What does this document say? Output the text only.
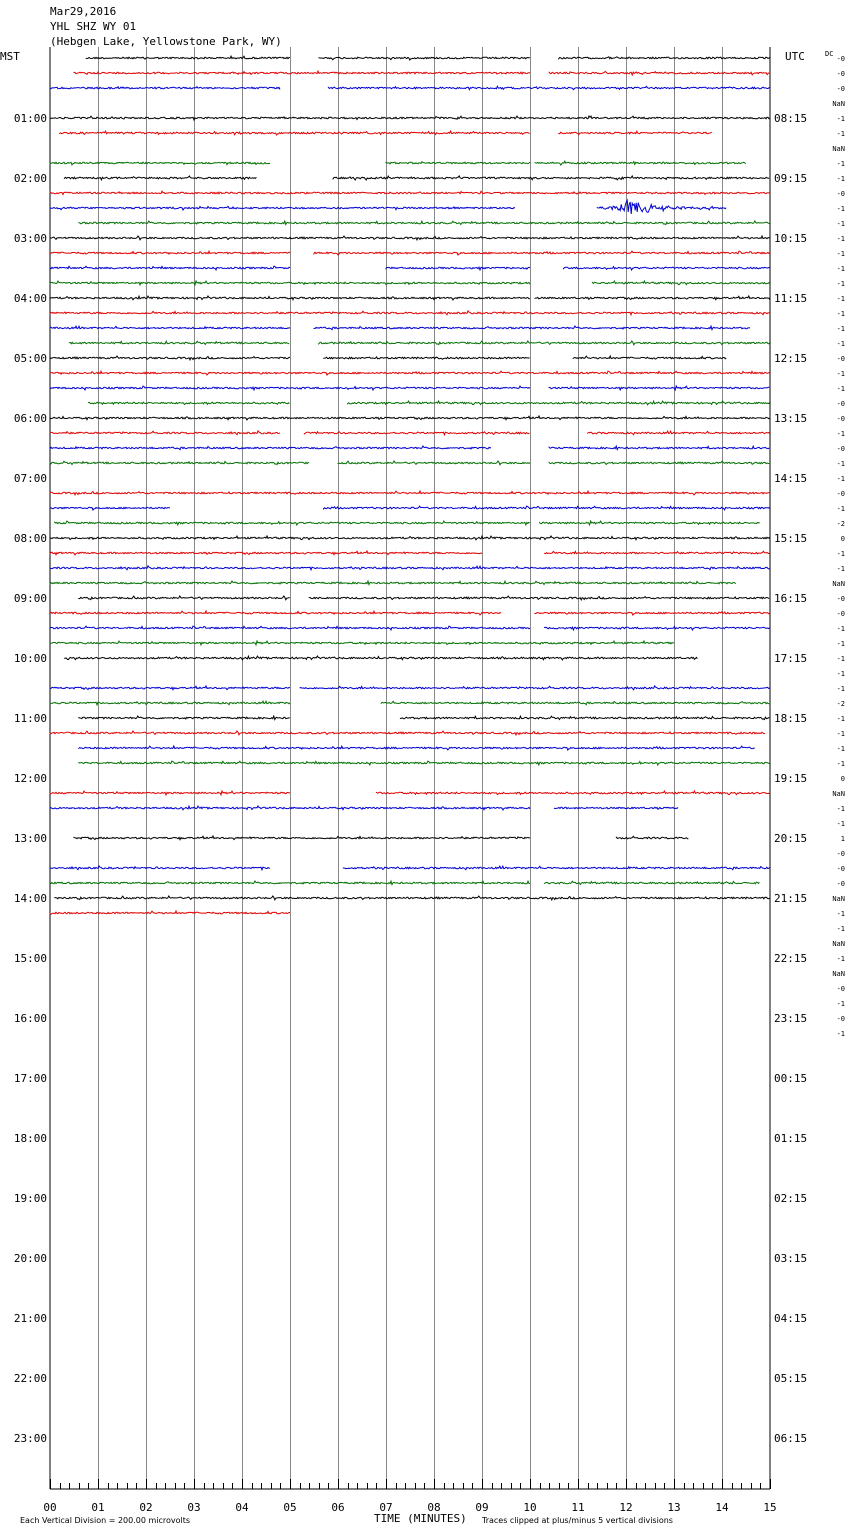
Mar29,2016
YHL SHZ WY 01
(Hebgen Lake, Yellowstone Park, WY)
MST	UTC	DC
Each Vertical Division = 200.00 microvolts	TIME (MINUTES) Traces clipped at plus/minus 5 vertical divisions
00	01	02	03	04	05	06	07	08	09	10	11	12	13	14	15
01:00
02:00
03:00
04:00
05:00
06:00
07:00
08:00
09:00
10:00
11:00
12:00
13:00
14:00
15:00
16:00
17:00
18:00
19:00
20:00
21:00
22:00
23:00
08:15
09:15
10:15
11:15
12:15
13:15
14:15
15:15
16:15
17:15
18:15
19:15
20:15
21:15
22:15
23:15
00:15
01:15
02:15
03:15
04:15
05:15
06:15
-0
-0
-0
NaN
-1
-1
NaN
-1
-1
-0
-1
-1
-1
-1
-1
-1
-1
-1
-1
-1
-0
-1
-1
-0
-0
-1
-0
-1
-1
-0
-1
-2
0
-1
-1
NaN
-0
-0
-1
-1
-1
-1
-1
-2
-1
-1
-1
-1
0
NaN
-1
-1
1
-0
-0
-0
NaN
-1
-1
NaN
-1
NaN
-0
-1
-0
-1
